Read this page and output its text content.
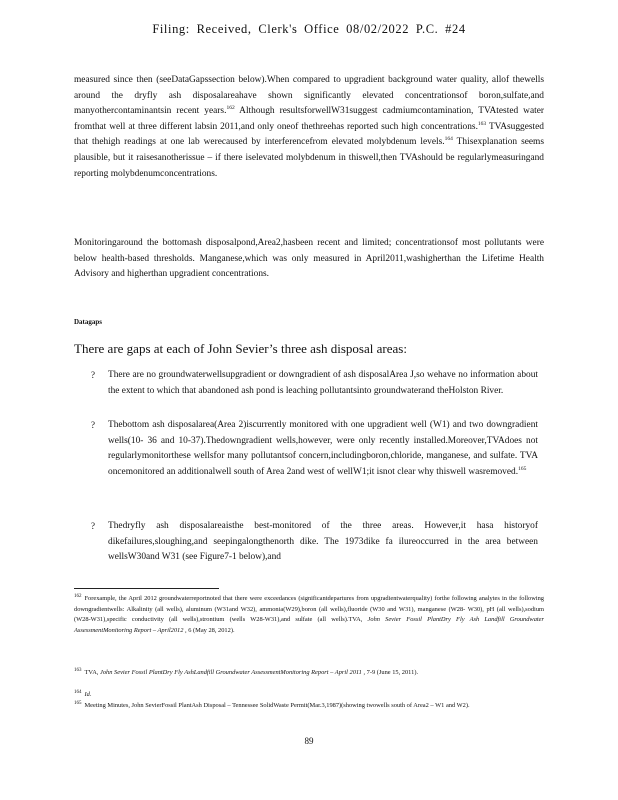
Filing: Received, Clerk's Office 08/02/2022 P.C. #24

measured since then (seeDataGapssection below).When compared to upgradient background water quality, allof thewells around the dryfly ash disposalareahave shown significantly elevated concentrationsof boron,sulfate,and manyothercontaminantsin recent years.$^{162}$ Although resultsforwellW31suggest cadmiumcontamination, TVAtested water fromthat well at three different labsin 2011,and only oneof thethreehas reported such high concentrations.$^{163}$ TVAsuggested that thehigh readings at one lab werecaused by interferencefrom elevated molybdenum levels.$^{164}$ Thisexplanation seems plausible, but it raisesanotherissue – if there iselevated molybdenum in thiswell,then TVAshould be regularlymeasuringand reporting molybdenumconcentrations.

Monitoringaround the bottomash disposalpond,Area2,hasbeen recent and limited; concentrationsof most pollutants were below health-based thresholds. Manganese,which was only measured in April2011,washigherthan the Lifetime Health Advisory and higherthan upgradient concentrations.

Datagaps
There are gaps at each of John Sevier’s three ash disposal areas:
?	There are no groundwaterwellsupgradient or downgradient of ash disposalArea J,so wehave no information about the extent to which that abandoned ash pond is leaching pollutantsinto groundwaterand theHolston River.

?	Thebottom ash disposalarea(Area 2)iscurrently monitored with one upgradient well (W1) and two downgradient wells(10- 36 and 10-37).Thedowngradient wells,however, were only recently installed.Moreover,TVAdoes not regularlymonitorthese wellsfor many pollutantsof concern,includingboron,chloride, manganese, and sulfate. TVA oncemonitored an additionalwell south of Area 2and west of wellW1;it isnot clear why thiswell wasremoved.$^{165}$

?	Thedryfly ash disposalareaisthe best-monitored of the three areas. However,it hasa historyof dikefailures,sloughing,and seepingalongthenorth dike. The 1973dike fa ilureoccurred in the area between wellsW30and W31 (see Figure7-1 below),and

$^{162}$ Forexample, the April 2012 groundwaterreportnoted that there were exceedances (significantdepartures from upgradientwaterquality) forthe following analytes in the following downgradientwells: Alkalinity (all wells), aluminum (W31and W32), ammonia(W29),boron (all wells),fluoride (W30 and W31), manganese (W28- W30), pH (all wells),sodium (W28-W31),specific conductivity (all wells),strontium (wells W28-W31),and sulfate (all wells).TVA, John Sevier Fossil PlantDry Fly Ash Landfill Groundwater AssessmentMonitoring Report – April2012 , 6 (May 28, 2012).
$^{163}$ TVA, John Sevier Fossil PlantDry Fly AshLandfill Groundwater AssessmentMonitoring Report – April 2011 , 7-9 (June 15, 2011).
$^{164}$ Id.
$^{165}$ Meeting Minutes, John SevierFossil PlantAsh Disposal – Tennessee SolidWaste Permit(Mar.3,1987)(showing twowells south of Area2 – W1 and W2).
89
